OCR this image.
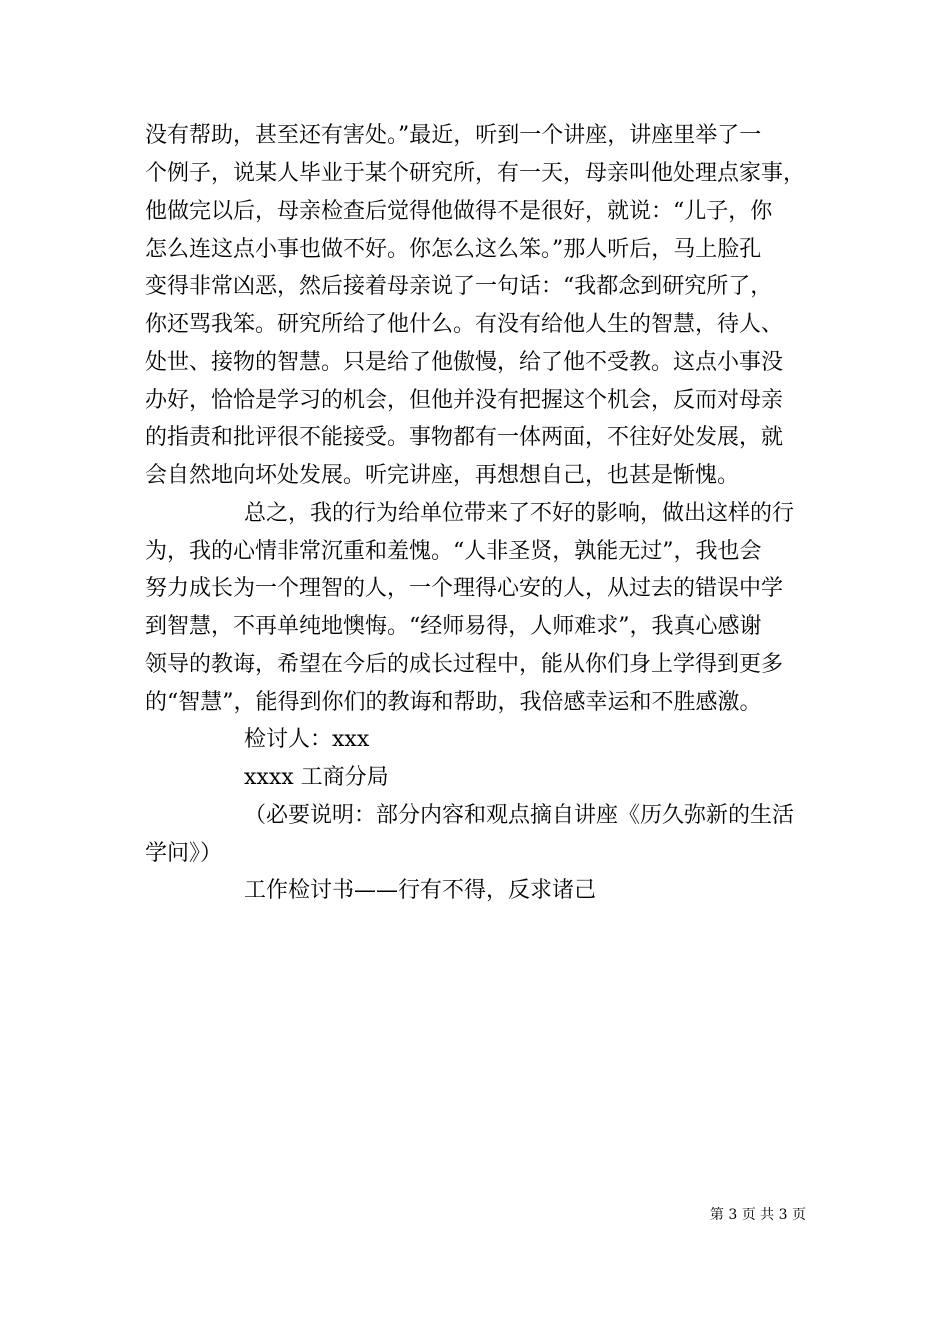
没有帮助，甚至还有害处。”最近，听到一个讲座，讲座里举了一
个例子，说某人毕业于某个研究所，有一天，母亲叫他处理点家事，
他做完以后，母亲检查后觉得他做得不是很好，就说：“儿子，你
怎么连这点小事也做不好。你怎么这么笨。”那人听后，马上脸孔
变得非常凶恶，然后接着母亲说了一句话：“我都念到研究所了，
你还骂我笨。研究所给了他什么。有没有给他人生的智慧，待人、
处世、接物的智慧。只是给了他傲慢，给了他不受教。这点小事没
办好，恰恰是学习的机会，但他并没有把握这个机会，反而对母亲
的指责和批评很不能接受。事物都有一体两面，不往好处发展，就
会自然地向坏处发展。听完讲座，再想想自己，也甚是惭愧。
总之，我的行为给单位带来了不好的影响，做出这样的行
为，我的心情非常沉重和羞愧。“人非圣贤，孰能无过”，我也会
努力成长为一个理智的人，一个理得心安的人，从过去的错误中学
到智慧，不再单纯地懊悔。“经师易得，人师难求”，我真心感谢
领导的教诲，希望在今后的成长过程中，能从你们身上学得到更多
的“智慧”，能得到你们的教诲和帮助，我倍感幸运和不胜感激。
检讨人：xxx
xxxx 工商分局
（必要说明：部分内容和观点摘自讲座《历久弥新的生活
学问》）
工作检讨书——行有不得，反求诸己
第 3 页 共 3 页
